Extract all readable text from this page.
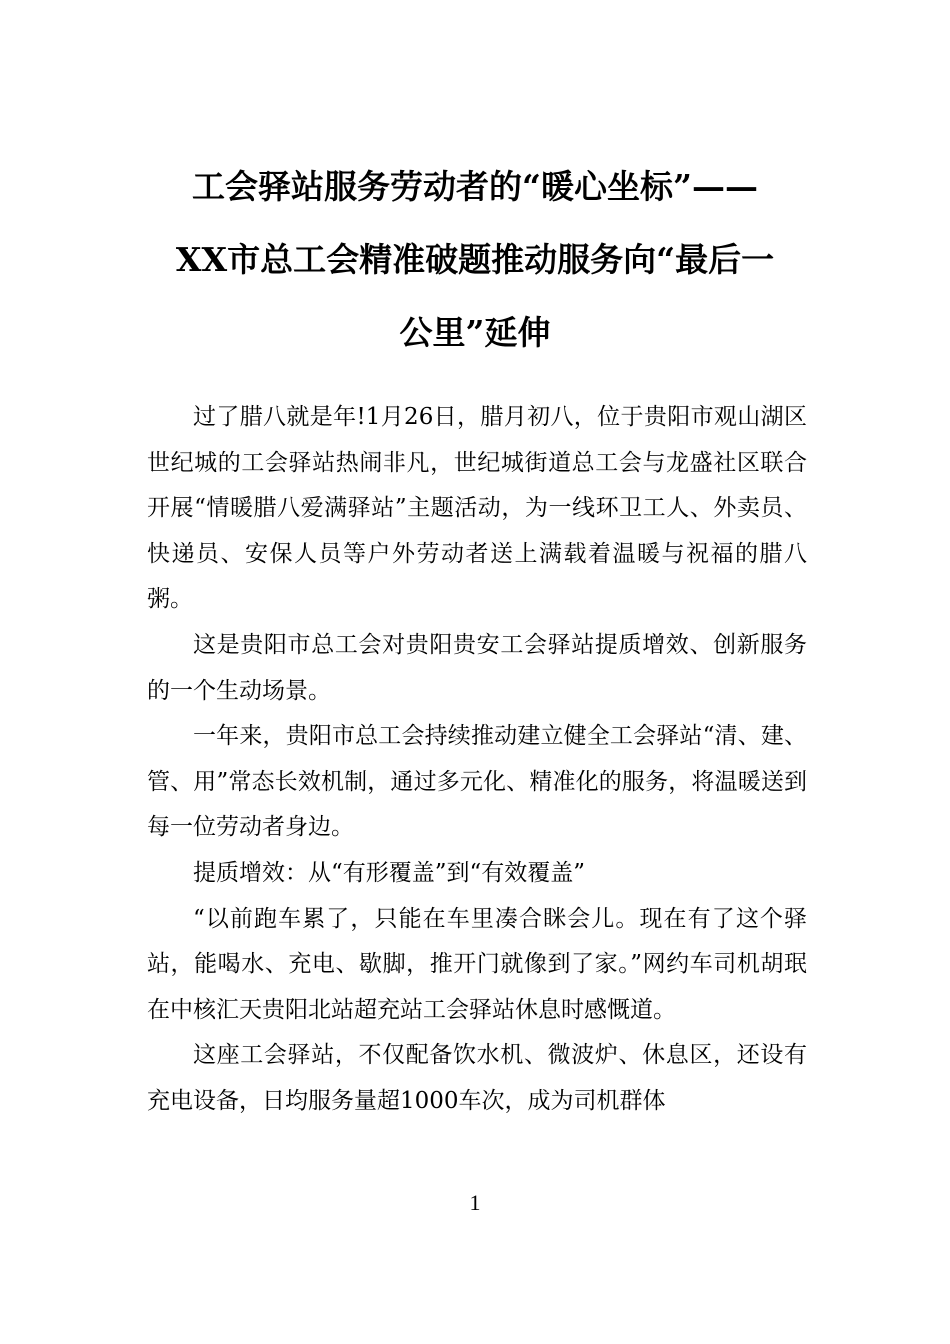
工会驿站服务劳动者的“暖心坐标”——
XX市总工会精准破题推动服务向“最后一
公里”延伸

过了腊八就是年!1月26日，腊月初八，位于贵阳市观山湖区世纪城的工会驿站热闹非凡，世纪城街道总工会与龙盛社区联合开展“情暖腊八爱满驿站”主题活动，为一线环卫工人、外卖员、快递员、安保人员等户外劳动者送上满载着温暖与祝福的腊八粥。

这是贵阳市总工会对贵阳贵安工会驿站提质增效、创新服务的一个生动场景。

一年来，贵阳市总工会持续推动建立健全工会驿站“清、建、管、用”常态长效机制，通过多元化、精准化的服务，将温暖送到每一位劳动者身边。

提质增效：从“有形覆盖”到“有效覆盖”

“以前跑车累了，只能在车里凑合眯会儿。现在有了这个驿站，能喝水、充电、歇脚，推开门就像到了家。”网约车司机胡珉在中核汇天贵阳北站超充站工会驿站休息时感慨道。

这座工会驿站，不仅配备饮水机、微波炉、休息区，还设有充电设备，日均服务量超1000车次，成为司机群体

1
